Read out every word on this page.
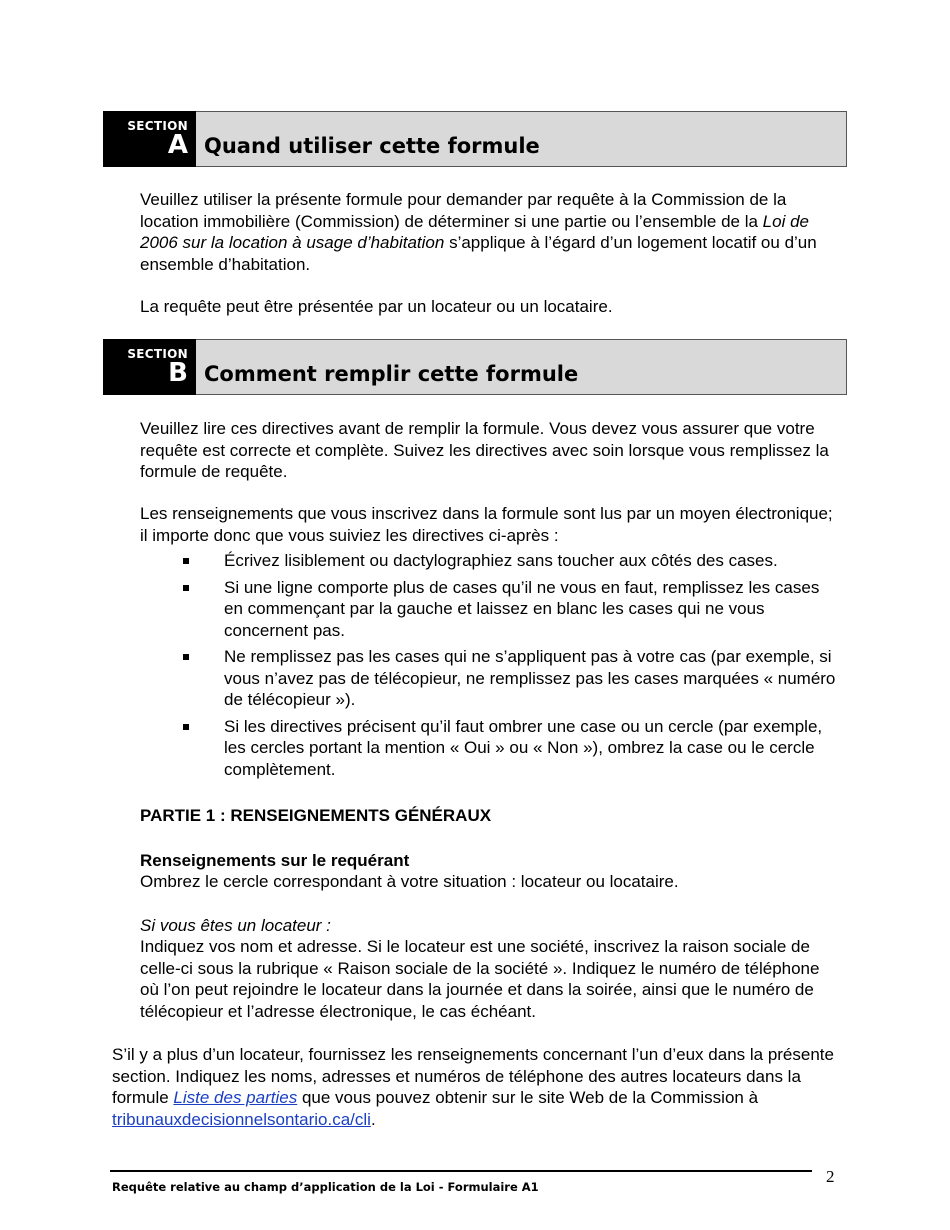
SECTION
A Quand utiliser cette formule

Veuillez utiliser la présente formule pour demander par requête à la Commission de la location immobilière (Commission) de déterminer si une partie ou l’ensemble de la Loi de 2006 sur la location à usage d’habitation s’applique à l’égard d’un logement locatif ou d’un ensemble d’habitation.

La requête peut être présentée par un locateur ou un locataire.

SECTION
B Comment remplir cette formule

Veuillez lire ces directives avant de remplir la formule. Vous devez vous assurer que votre requête est correcte et complète. Suivez les directives avec soin lorsque vous remplissez la formule de requête.

Les renseignements que vous inscrivez dans la formule sont lus par un moyen électronique; il importe donc que vous suiviez les directives ci-après :

Écrivez lisiblement ou dactylographiez sans toucher aux côtés des cases.
Si une ligne comporte plus de cases qu’il ne vous en faut, remplissez les cases en commençant par la gauche et laissez en blanc les cases qui ne vous concernent pas.
Ne remplissez pas les cases qui ne s’appliquent pas à votre cas (par exemple, si vous n’avez pas de télécopieur, ne remplissez pas les cases marquées « numéro de télécopieur »).
Si les directives précisent qu’il faut ombrer une case ou un cercle (par exemple, les cercles portant la mention « Oui » ou « Non »), ombrez la case ou le cercle complètement.

PARTIE 1 : RENSEIGNEMENTS GÉNÉRAUX

Renseignements sur le requérant

Ombrez le cercle correspondant à votre situation : locateur ou locataire.

Si vous êtes un locateur :

Indiquez vos nom et adresse. Si le locateur est une société, inscrivez la raison sociale de celle-ci sous la rubrique « Raison sociale de la société ». Indiquez le numéro de téléphone où l’on peut rejoindre le locateur dans la journée et dans la soirée, ainsi que le numéro de télécopieur et l’adresse électronique, le cas échéant.

S’il y a plus d’un locateur, fournissez les renseignements concernant l’un d’eux dans la présente section. Indiquez les noms, adresses et numéros de téléphone des autres locateurs dans la formule Liste des parties que vous pouvez obtenir sur le site Web de la Commission à tribunauxdecisionnelsontario.ca/cli.

2
Requête relative au champ d’application de la Loi - Formulaire A1
